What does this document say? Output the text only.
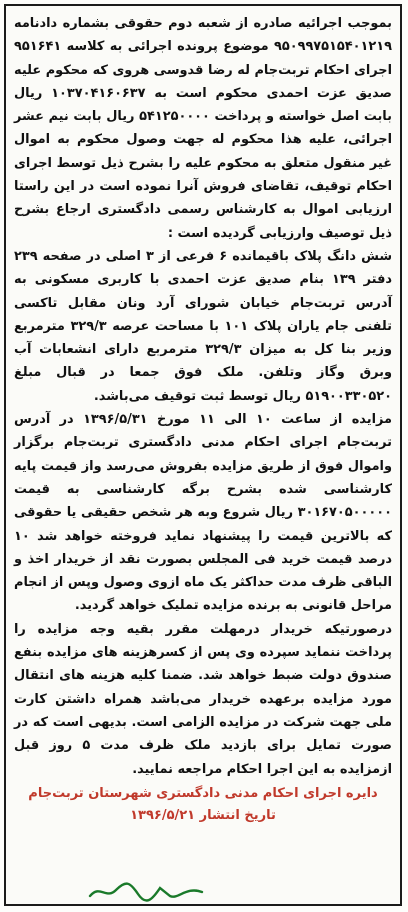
بموجب اجرائیه صادره از شعبه دوم حقوقی بشماره دادنامه ۹۵۰۹۹۷۵۱۵۴۰۱۲۱۹ موضوع پرونده اجرائی به کلاسه ۹۵۱۶۴۱ اجرای احکام تربت‌جام له رضا قدوسی هروی که محکوم علیه صدیق عزت احمدی محکوم است به ۱۰۳۷۰۴۱۶۰۶۳۷ ریال بابت اصل خواسته و پرداخت ۵۴۱۲۵۰۰۰۰ ریال بابت نیم عشر اجرائی، علیه هذا محکوم له جهت وصول محکوم به اموال غیر منقول متعلق به محکوم علیه را بشرح ذیل توسط اجرای احکام توقیف، تقاضای فروش آنرا نموده است در این راستا ارزیابی اموال به کارشناس رسمی دادگستری ارجاع بشرح ذیل توصیف وارزیابی گردیده است :

شش دانگ پلاک باقیمانده ۶ فرعی از ۳ اصلی در صفحه ۲۳۹ دفتر ۱۳۹ بنام صدیق عزت احمدی با کاربری مسکونی به آدرس تربت‌جام خیابان شورای آرد ونان مقابل تاکسی تلفنی جام یاران پلاک ۱۰۱ با مساحت عرصه ۳۲۹/۳ مترمربع وزیر بنا کل به میزان ۳۲۹/۳ مترمربع دارای انشعابات آب وبرق وگاز وتلفن. ملک فوق جمعا در قبال مبلغ ۵۱۹۰۰۳۳۰۵۲۰ ریال توسط ثبت توقیف می‌باشد.

مزایده از ساعت ۱۰ الی ۱۱ مورخ ۱۳۹۶/۵/۳۱ در آدرس تربت‌جام اجرای احکام مدنی دادگستری تربت‌جام برگزار واموال فوق از طریق مزایده بفروش می‌رسد واز قیمت پایه کارشناسی شده بشرح برگه کارشناسی به قیمت ۳۰۱۶۷۰۵۰۰۰۰۰ ریال شروع وبه هر شخص حقیقی یا حقوقی که بالاترین قیمت را پیشنهاد نماید فروخته خواهد شد ۱۰ درصد قیمت خرید فی المجلس بصورت نقد از خریدار اخذ و الباقی ظرف مدت حداکثر یک ماه ازوی وصول وپس از انجام مراحل قانونی به برنده مزایده تملیک خواهد گردید.

درصورتیکه خریدار درمهلت مقرر بقیه وجه مزایده را پرداخت ننماید سپرده وی پس از کسرهزینه های مزایده بنفع صندوق دولت ضبط خواهد شد. ضمنا کلیه هزینه های انتقال مورد مزایده برعهده خریدار می‌باشد همراه داشتن کارت ملی جهت شرکت در مزایده الزامی است. بدیهی است که در صورت تمایل برای بازدید ملک ظرف مدت ۵ روز قبل ازمزایده به این اجرا احکام مراجعه نمایید.

دایره اجرای احکام مدنی دادگستری شهرستان تربت‌جام
تاریخ انتشار ۱۳۹۶/۵/۲۱
